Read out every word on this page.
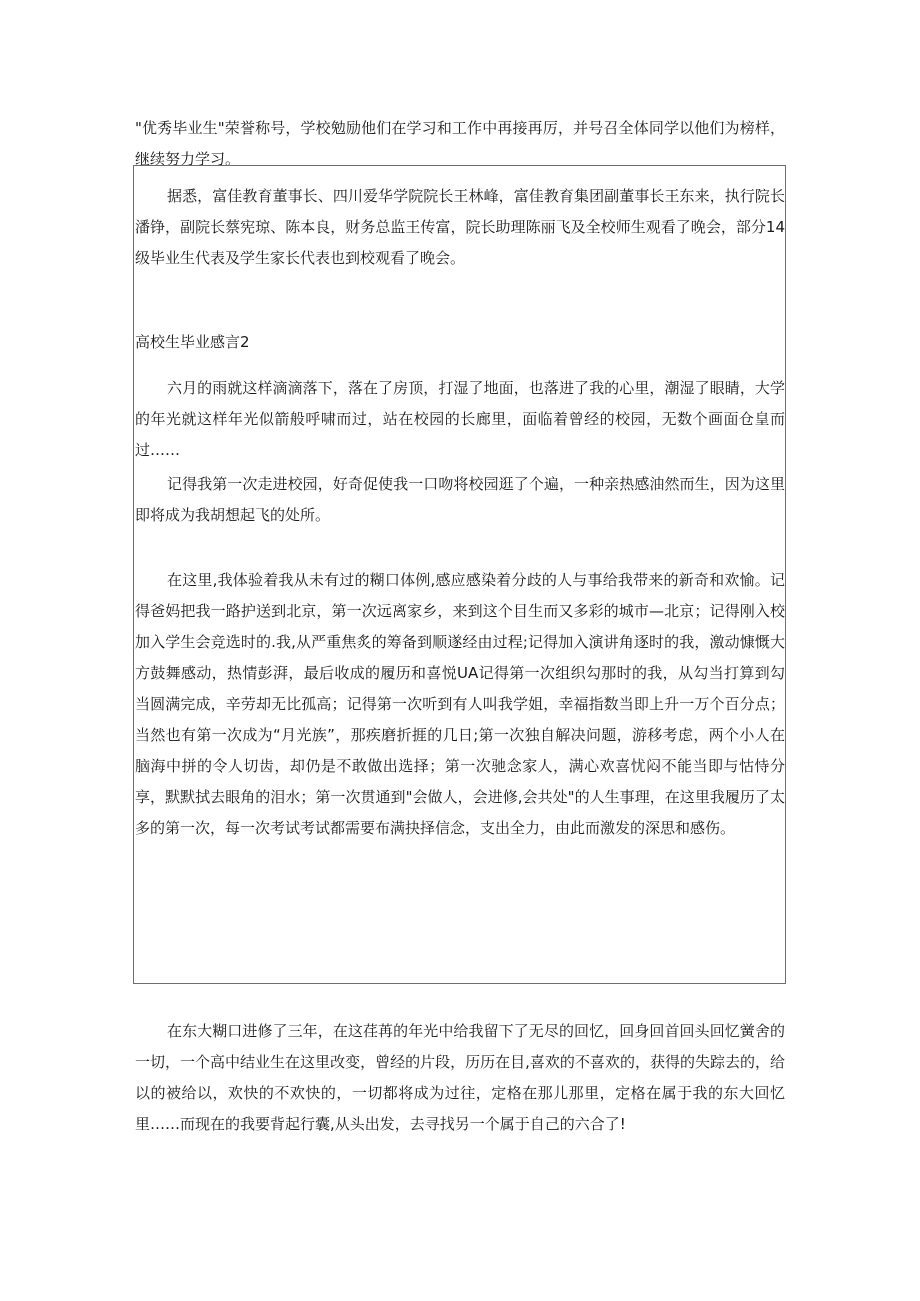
"优秀毕业生"荣誉称号，学校勉励他们在学习和工作中再接再厉，并号召全体同学以他们为榜样，继续努力学习。

据悉，富佳教育董事长、四川爱华学院院长王林峰，富佳教育集团副董事长王东来，执行院长潘铮，副院长蔡宪琼、陈本良，财务总监王传富，院长助理陈丽飞及全校师生观看了晚会，部分14级毕业生代表及学生家长代表也到校观看了晚会。

高校生毕业感言2

六月的雨就这样滴滴落下，落在了房顶，打湿了地面，也落进了我的心里，潮湿了眼睛，大学的年光就这样年光似箭般呼啸而过，站在校园的长廊里，面临着曾经的校园，无数个画面仓皇而过……

记得我第一次走进校园，好奇促使我一口吻将校园逛了个遍，一种亲热感油然而生，因为这里即将成为我胡想起飞的处所。

在这里,我体验着我从未有过的糊口体例,感应感染着分歧的人与事给我带来的新奇和欢愉。记得爸妈把我一路护送到北京，第一次远离家乡，来到这个目生而又多彩的城市—北京；记得刚入校加入学生会竞选时的.我,从严重焦炙的筹备到顺遂经由过程;记得加入演讲角逐时的我，激动慷慨大方鼓舞感动，热情彭湃，最后收成的履历和喜悦UA记得第一次组织勾那时的我，从勾当打算到勾当圆满完成，辛劳却无比孤高；记得第一次听到有人叫我学姐，幸福指数当即上升一万个百分点；当然也有第一次成为“月光族”，那疾磨折捱的几日;第一次独自解决问题，游移考虑，两个小人在脑海中拼的令人切齿，却仍是不敢做出选择；第一次驰念家人，满心欢喜忧闷不能当即与怙恃分享，默默拭去眼角的泪水；第一次贯通到"会做人，会进修,会共处"的人生事理，在这里我履历了太多的第一次，每一次考试考试都需要布满抉择信念，支出全力，由此而激发的深思和感伤。

在东大糊口进修了三年，在这荏苒的年光中给我留下了无尽的回忆，回身回首回头回忆黉舍的一切，一个高中结业生在这里改变，曾经的片段，历历在目,喜欢的不喜欢的，获得的失踪去的，给以的被给以，欢快的不欢快的，一切都将成为过往，定格在那儿那里，定格在属于我的东大回忆里……而现在的我要背起行囊,从头出发，去寻找另一个属于自己的六合了!
